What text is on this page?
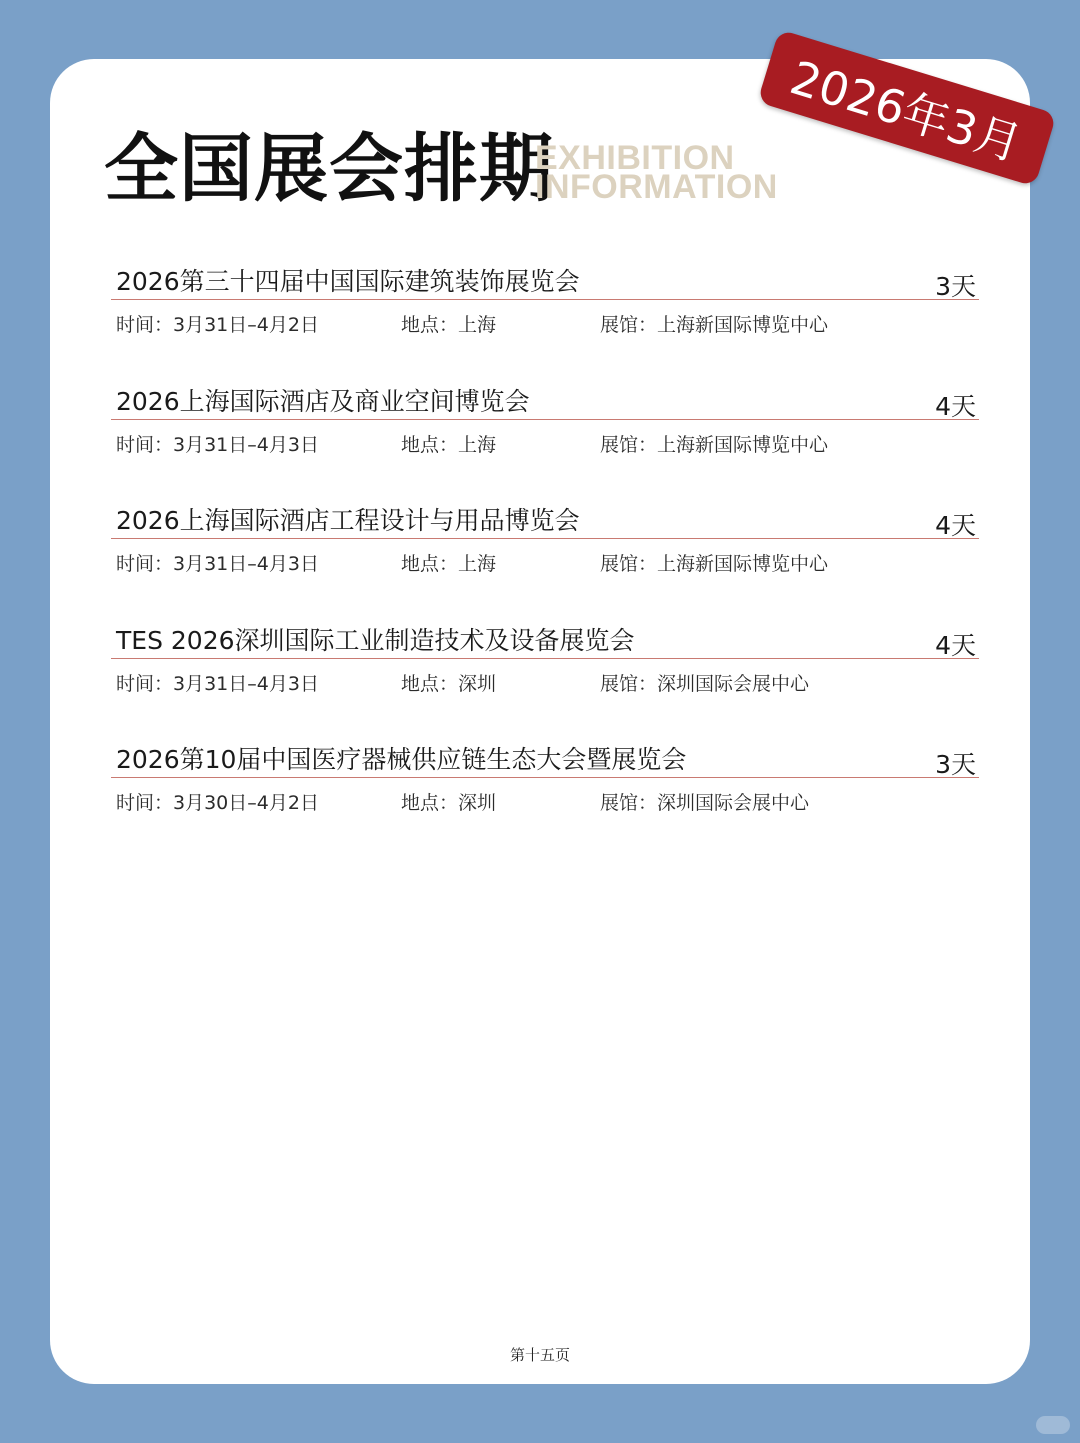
全国展会排期
EXHIBITION
INFORMATION
2026年3月
2026第三十四届中国国际建筑装饰展览会	3天
时间：3月31日–4月2日	地点：上海	展馆：上海新国际博览中心
2026上海国际酒店及商业空间博览会	4天
时间：3月31日–4月3日	地点：上海	展馆：上海新国际博览中心
2026上海国际酒店工程设计与用品博览会	4天
时间：3月31日–4月3日	地点：上海	展馆：上海新国际博览中心
TES 2026深圳国际工业制造技术及设备展览会	4天
时间：3月31日–4月3日	地点：深圳	展馆：深圳国际会展中心
2026第10届中国医疗器械供应链生态大会暨展览会	3天
时间：3月30日–4月2日	地点：深圳	展馆：深圳国际会展中心
第十五页
